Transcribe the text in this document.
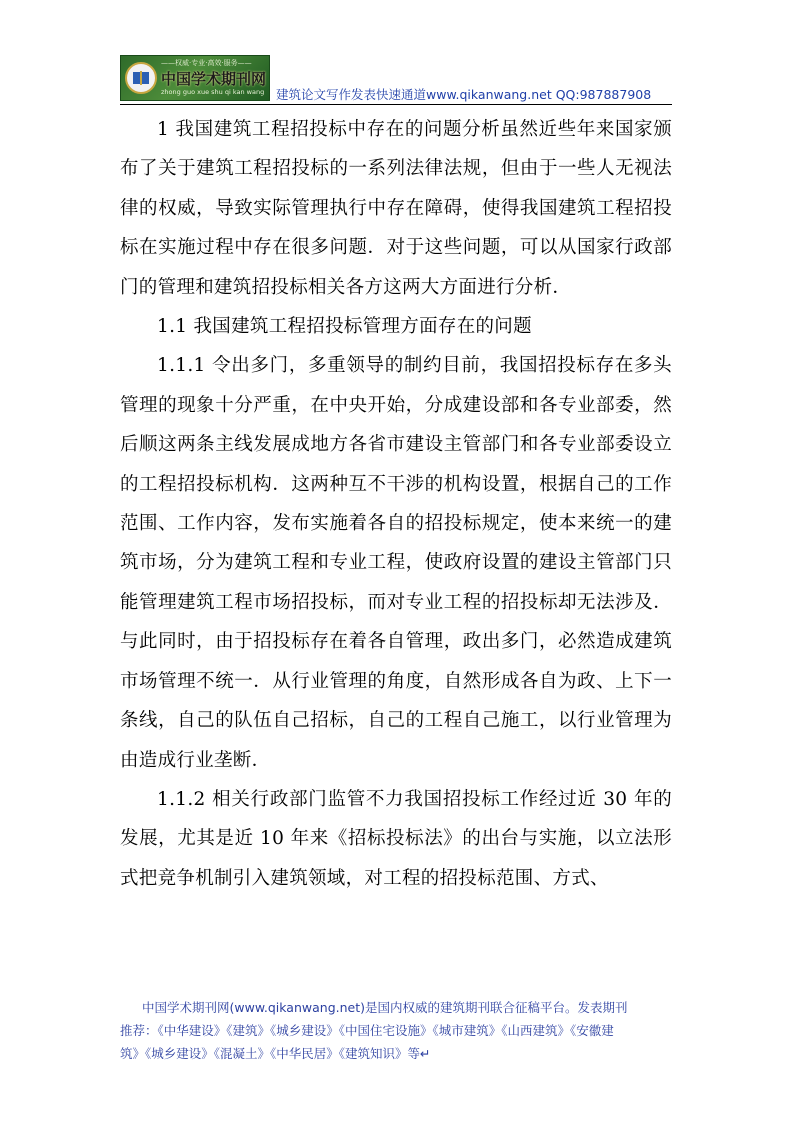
——权威·专业·高效·服务——
中国学术期刊网
zhong guo xue shu qi kan wang 建筑论文写作发表快速通道www.qikanwang.net QQ:987887908

1 我国建筑工程招投标中存在的问题分析虽然近些年来国家颁布了关于建筑工程招投标的一系列法律法规，但由于一些人无视法律的权威，导致实际管理执行中存在障碍，使得我国建筑工程招投标在实施过程中存在很多问题．对于这些问题，可以从国家行政部门的管理和建筑招投标相关各方这两大方面进行分析．

1.1 我国建筑工程招投标管理方面存在的问题

1.1.1 令出多门，多重领导的制约目前，我国招投标存在多头管理的现象十分严重，在中央开始，分成建设部和各专业部委，然后顺这两条主线发展成地方各省市建设主管部门和各专业部委设立的工程招投标机构．这两种互不干涉的机构设置，根据自己的工作范围、工作内容，发布实施着各自的招投标规定，使本来统一的建筑市场，分为建筑工程和专业工程，使政府设置的建设主管部门只能管理建筑工程市场招投标，而对专业工程的招投标却无法涉及．与此同时，由于招投标存在着各自管理，政出多门，必然造成建筑市场管理不统一．从行业管理的角度，自然形成各自为政、上下一条线，自己的队伍自己招标，自己的工程自己施工，以行业管理为由造成行业垄断．

1.1.2 相关行政部门监管不力我国招投标工作经过近 30 年的发展，尤其是近 10 年来《招标投标法》的出台与实施，以立法形式把竞争机制引入建筑领域，对工程的招投标范围、方式、

中国学术期刊网(www.qikanwang.net)是国内权威的建筑期刊联合征稿平台。发表期刊
推荐：《中华建设》《建筑》《城乡建设》《中国住宅设施》《城市建筑》《山西建筑》《安徽建
筑》《城乡建设》《混凝土》《中华民居》《建筑知识》等↵
